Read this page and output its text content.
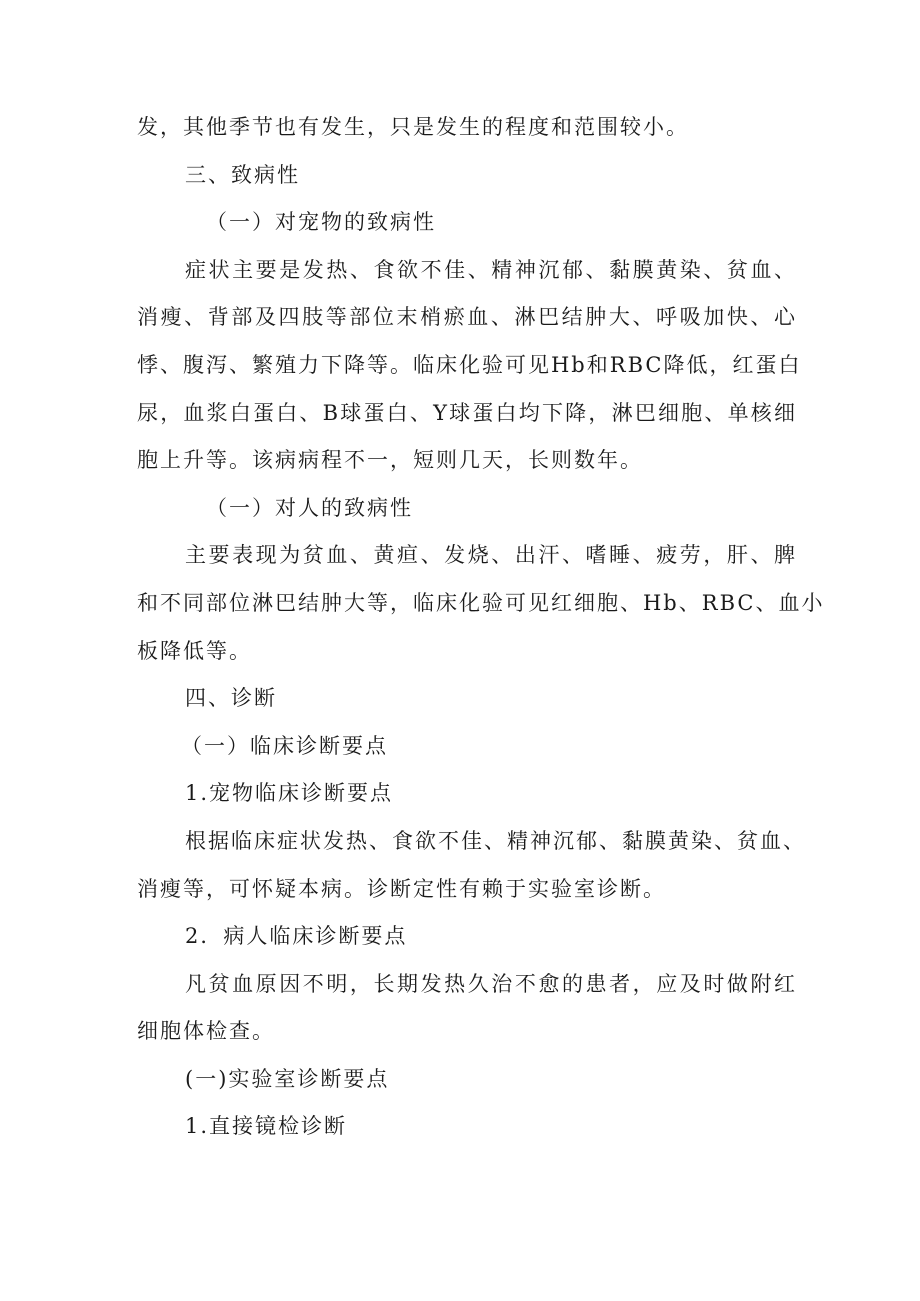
发，其他季节也有发生，只是发生的程度和范围较小。
三、致病性
（一）对宠物的致病性
症状主要是发热、食欲不佳、精神沉郁、黏膜黄染、贫血、
消瘦、背部及四肢等部位末梢瘀血、淋巴结肿大、呼吸加快、心
悸、腹泻、繁殖力下降等。临床化验可见Hb和RBC降低，红蛋白
尿，血浆白蛋白、B球蛋白、Y球蛋白均下降，淋巴细胞、单核细
胞上升等。该病病程不一，短则几天，长则数年。
（一）对人的致病性
主要表现为贫血、黄疸、发烧、出汗、嗜睡、疲劳，肝、脾
和不同部位淋巴结肿大等，临床化验可见红细胞、Hb、RBC、血小
板降低等。
四、诊断
（一）临床诊断要点
1.宠物临床诊断要点
根据临床症状发热、食欲不佳、精神沉郁、黏膜黄染、贫血、
消瘦等，可怀疑本病。诊断定性有赖于实验室诊断。
2．病人临床诊断要点
凡贫血原因不明，长期发热久治不愈的患者，应及时做附红
细胞体检查。
(一)实验室诊断要点
1.直接镜检诊断
